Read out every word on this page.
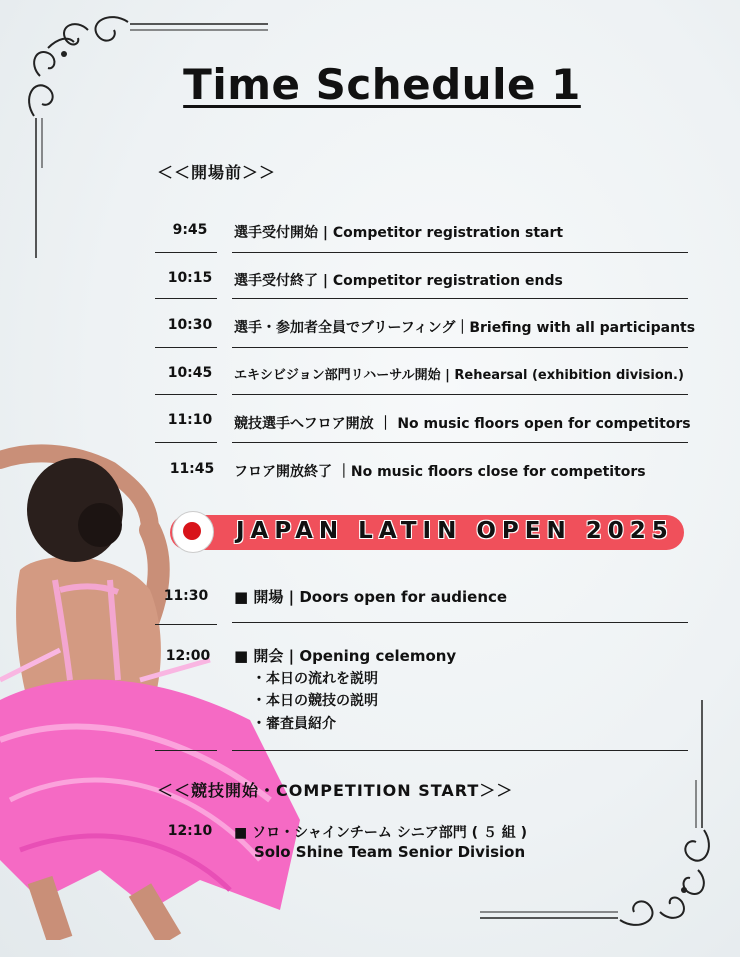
Time Schedule 1
＜＜開場前＞＞
9:45	選手受付開始 | Competitor registration start
10:15	選手受付終了 | Competitor registration ends
10:30	選手・参加者全員でブリーフィング｜Briefing with all participants
10:45	エキシビジョン部門リハーサル開始 | Rehearsal (exhibition division.)
11:10	競技選手へフロア開放 ｜ No music floors open for competitors
11:45	フロア開放終了 ｜No music floors close for competitors
JAPAN LATIN OPEN 2025
11:30	■ 開場 | Doors open for audience
12:00	■ 開会 | Opening celemony
・本日の流れを説明
・本日の競技の説明
・審査員紹介
＜＜競技開始・COMPETITION START＞＞
12:10	■ ソロ・シャインチーム シニア部門 ( ５ 組 )
Solo Shine Team Senior Division
